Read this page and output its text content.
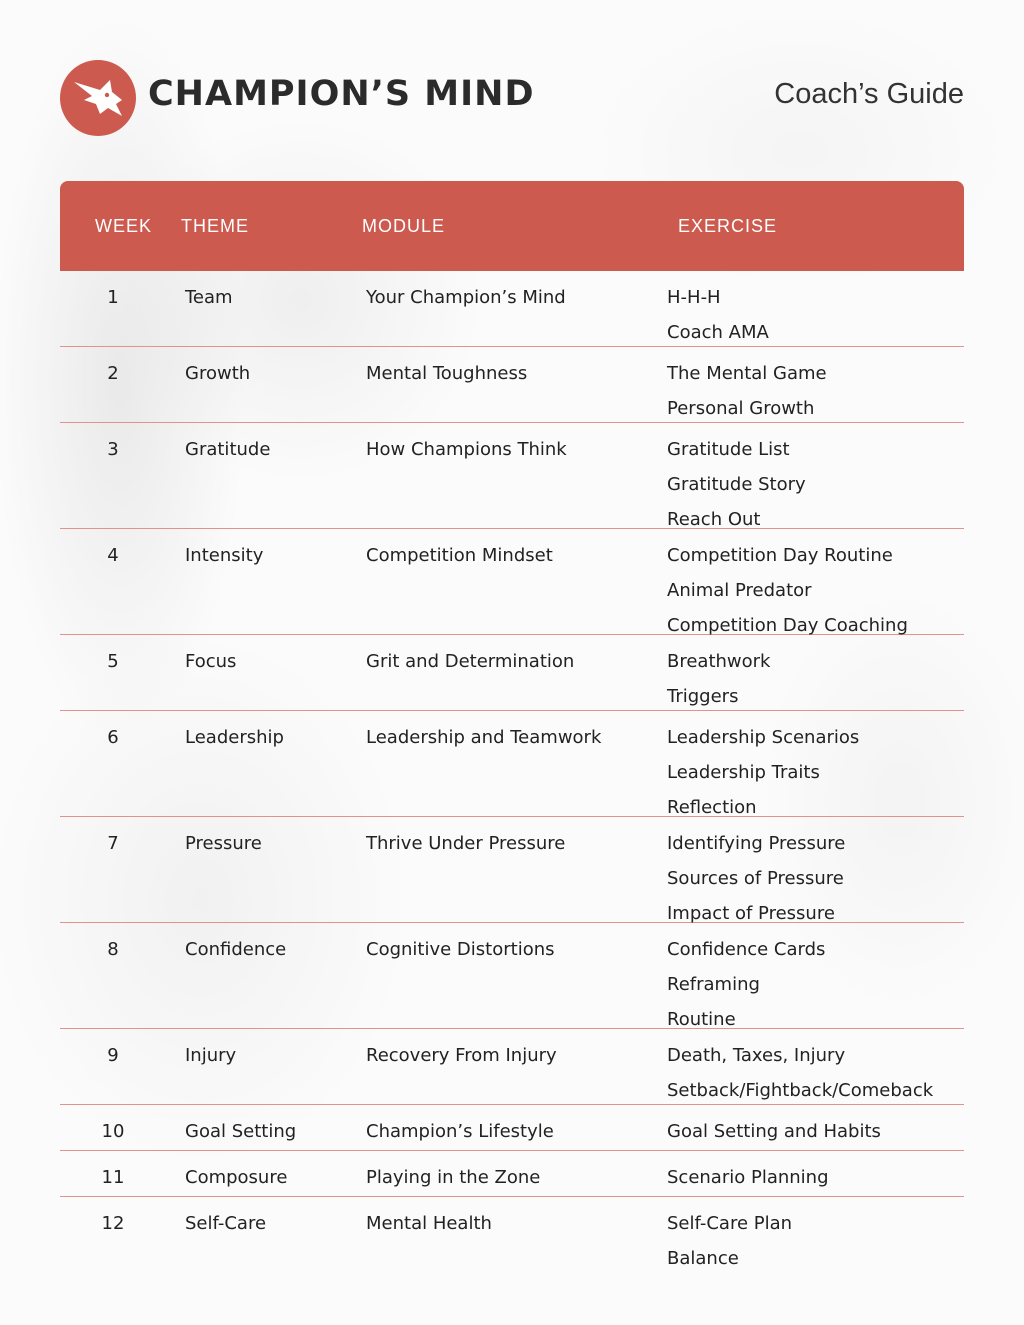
CHAMPION’S MIND	Coach’s Guide
WEEK THEME	MODULE	EXERCISE
1	Team	Your Champion’s Mind	H-H-H
Coach AMA
2	Growth	Mental Toughness	The Mental Game
Personal Growth
3	Gratitude	How Champions Think	Gratitude List
Gratitude Story
Reach Out
4	Intensity	Competition Mindset	Competition Day Routine
Animal Predator
Competition Day Coaching
5	Focus	Grit and Determination	Breathwork
Triggers
6	Leadership	Leadership and Teamwork	Leadership Scenarios
Leadership Traits
Reflection
7	Pressure	Thrive Under Pressure	Identifying Pressure
Sources of Pressure
Impact of Pressure
8	Confidence	Cognitive Distortions	Confidence Cards
Reframing
Routine
9	Injury	Recovery From Injury	Death, Taxes, Injury
Setback/Fightback/Comeback
10	Goal Setting	Champion’s Lifestyle	Goal Setting and Habits
11	Composure	Playing in the Zone	Scenario Planning
12	Self-Care	Mental Health	Self-Care Plan
Balance
